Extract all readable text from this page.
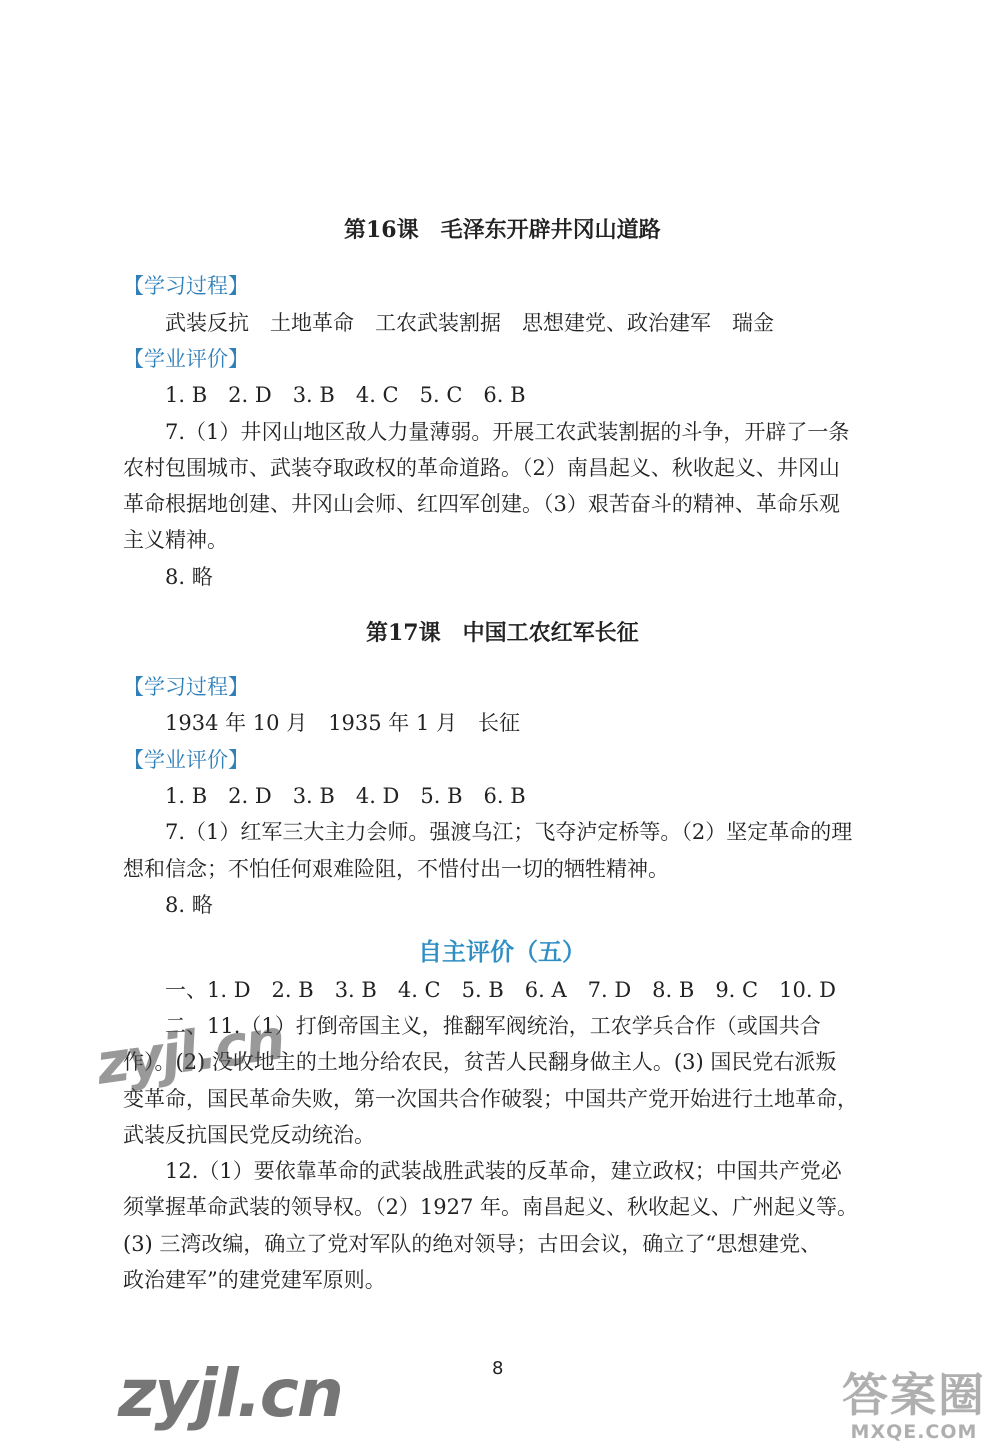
第16课　毛泽东开辟井冈山道路
【学习过程】
武装反抗　土地革命　工农武装割据　思想建党、政治建军　瑞金
【学业评价】
1. B　2. D　3. B　4. C　5. C　6. B
7.（1）井冈山地区敌人力量薄弱。开展工农武装割据的斗争，开辟了一条
农村包围城市、武装夺取政权的革命道路。（2）南昌起义、秋收起义、井冈山
革命根据地创建、井冈山会师、红四军创建。（3）艰苦奋斗的精神、革命乐观
主义精神。
8. 略
第17课　中国工农红军长征
【学习过程】
1934 年 10 月　1935 年 1 月　长征
【学业评价】
1. B　2. D　3. B　4. D　5. B　6. B
7.（1）红军三大主力会师。强渡乌江；飞夺泸定桥等。（2）坚定革命的理
想和信念；不怕任何艰难险阻，不惜付出一切的牺牲精神。
8. 略
自主评价（五）
一、1. D　2. B　3. B　4. C　5. B　6. A　7. D　8. B　9. C　10. D
二、11.（1）打倒帝国主义，推翻军阀统治，工农学兵合作（或国共合
作）。(2) 没收地主的土地分给农民，贫苦人民翻身做主人。(3) 国民党右派叛
变革命，国民革命失败，第一次国共合作破裂；中国共产党开始进行土地革命，
武装反抗国民党反动统治。
12.（1）要依靠革命的武装战胜武装的反革命，建立政权；中国共产党必
须掌握革命武装的领导权。（2）1927 年。南昌起义、秋收起义、广州起义等。
(3) 三湾改编，确立了党对军队的绝对领导；古田会议，确立了“思想建党、
政治建军”的建党建军原则。
8
zyjl.cn
zyjl.cn	答案圈
MXQE.COM
